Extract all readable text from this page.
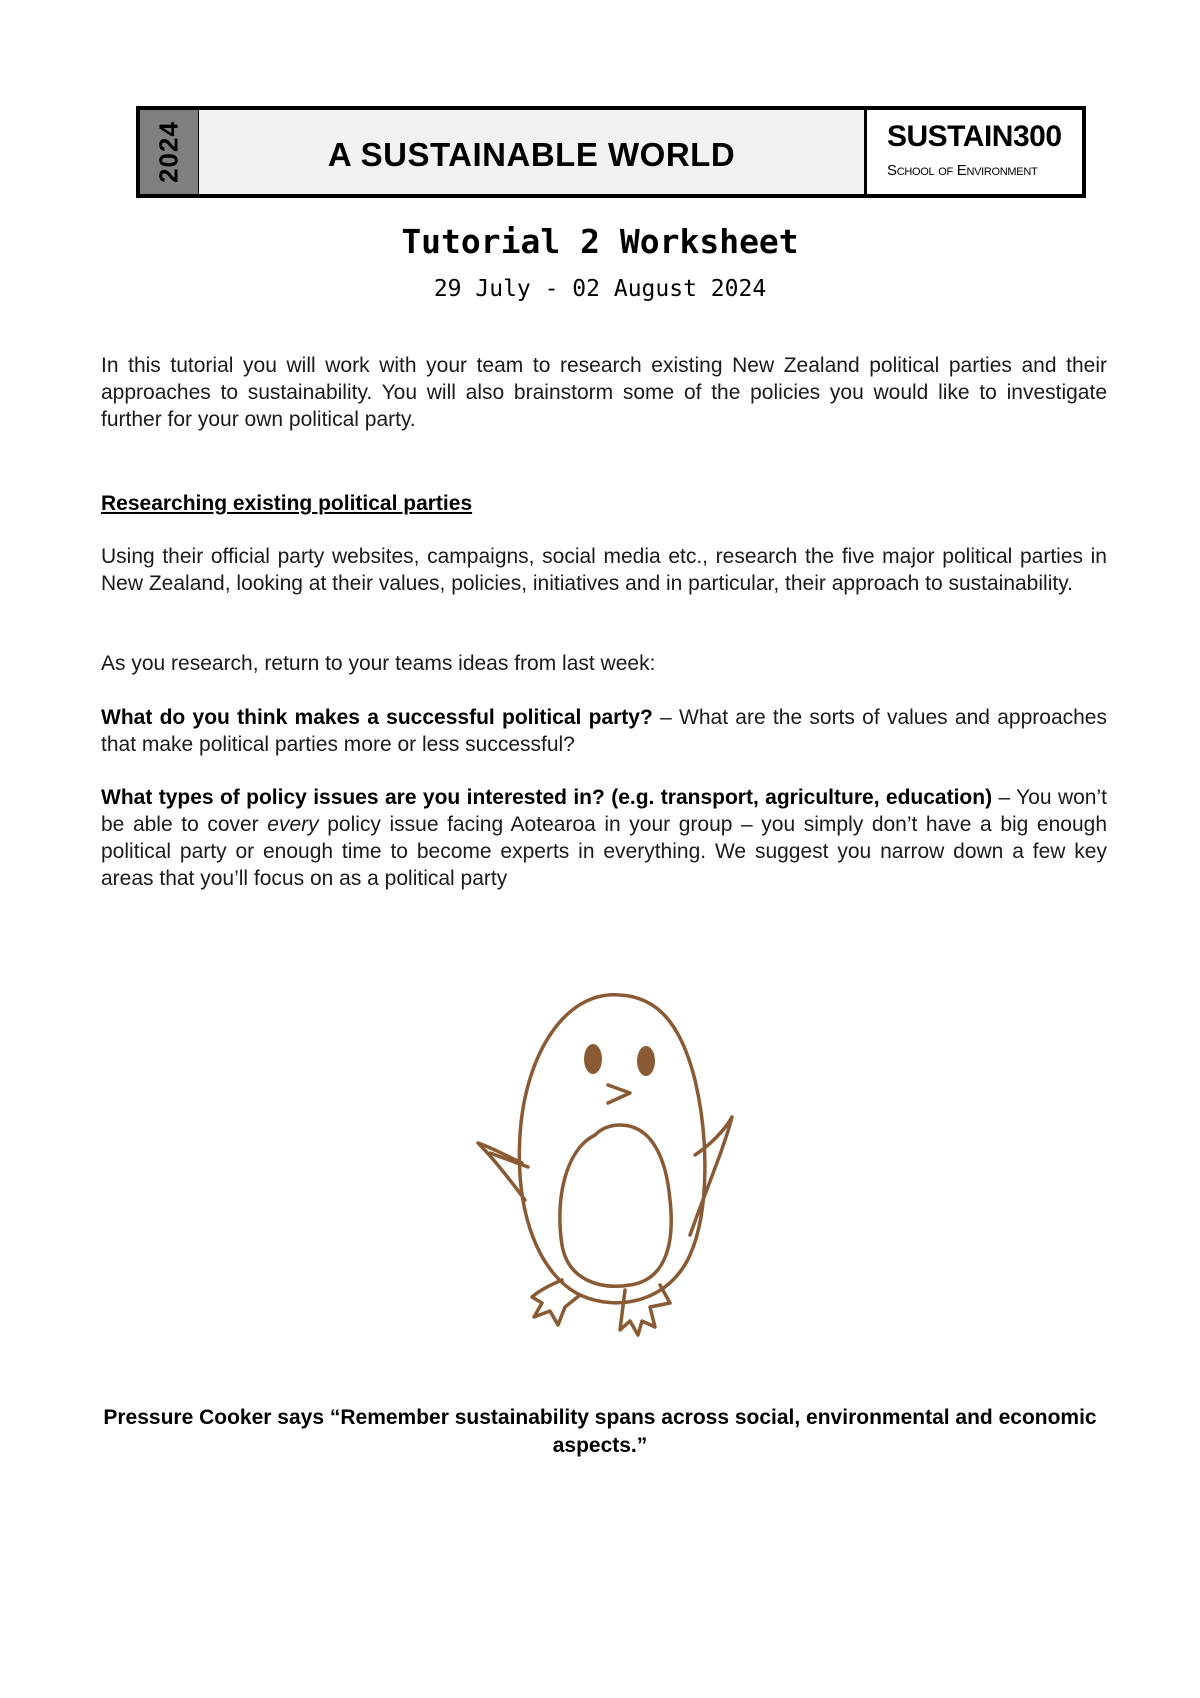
2024	A SUSTAINABLE WORLD	SUSTAIN300
School of Environment
Tutorial 2 Worksheet
29 July - 02 August 2024

In this tutorial you will work with your team to research existing New Zealand political parties and their approaches to sustainability. You will also brainstorm some of the policies you would like to investigate further for your own political party.

Researching existing political parties

Using their official party websites, campaigns, social media etc., research the five major political parties in New Zealand, looking at their values, policies, initiatives and in particular, their approach to sustainability.

As you research, return to your teams ideas from last week:

What do you think makes a successful political party? – What are the sorts of values and approaches that make political parties more or less successful?

What types of policy issues are you interested in? (e.g. transport, agriculture, education) – You won’t be able to cover every policy issue facing Aotearoa in your group – you simply don’t have a big enough political party or enough time to become experts in everything. We suggest you narrow down a few key areas that you’ll focus on as a political party

Pressure Cooker says “Remember sustainability spans across social, environmental and economic aspects.”
